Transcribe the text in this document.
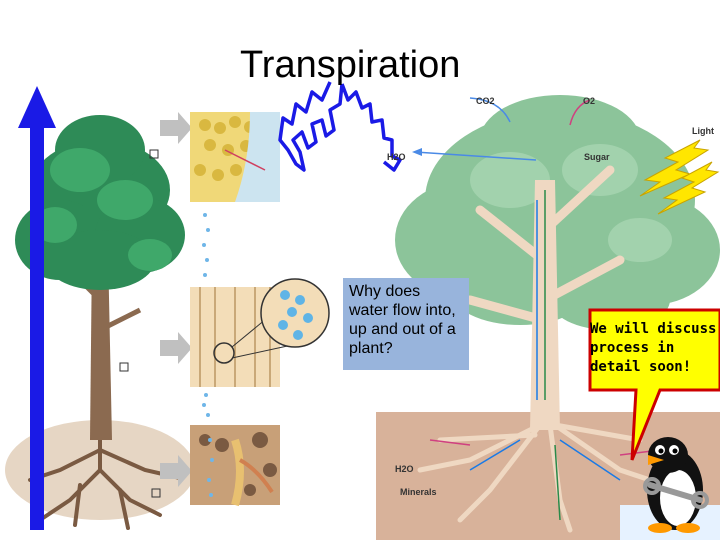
Transpiration
CO2	O2
Light
H2O	Sugar
H2O
Minerals
Why does water flow into, up and out of a plant?
We will discuss
process in
detail soon!
